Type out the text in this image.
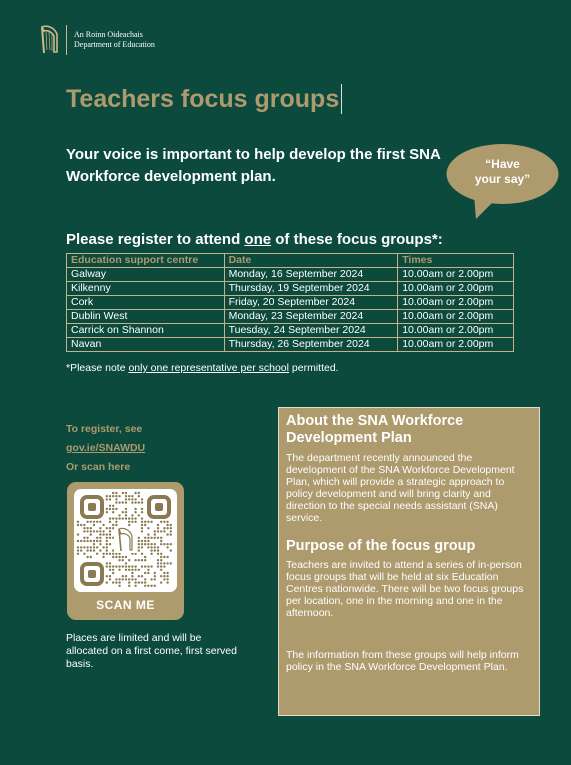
An Roinn Oideachais
Department of Education
Teachers focus groups
Your voice is important to help develop the first SNA Workforce development plan.
“Have
your say”
Please register to attend one of these focus groups*:
Education support centre	Date	Times
Galway	Monday, 16 September 2024	10.00am or 2.00pm
Kilkenny	Thursday, 19 September 2024	10.00am or 2.00pm
Cork	Friday, 20 September 2024	10.00am or 2.00pm
Dublin West	Monday, 23 September 2024	10.00am or 2.00pm
Carrick on Shannon	Tuesday, 24 September 2024	10.00am or 2.00pm
Navan	Thursday, 26 September 2024	10.00am or 2.00pm
*Please note only one representative per school permitted.
To register, see
gov.ie/SNAWDU
Or scan here
SCAN ME
Places are limited and will be allocated on a first come, first served basis.
About the SNA Workforce Development Plan

The department recently announced the development of the SNA Workforce Development Plan, which will provide a strategic approach to policy development and will bring clarity and direction to the special needs assistant (SNA) service.

Purpose of the focus group

Teachers are invited to attend a series of in-person focus groups that will be held at six Education Centres nationwide. There will be two focus groups per location, one in the morning and one in the afternoon.

The information from these groups will help inform policy in the SNA Workforce Development Plan.
